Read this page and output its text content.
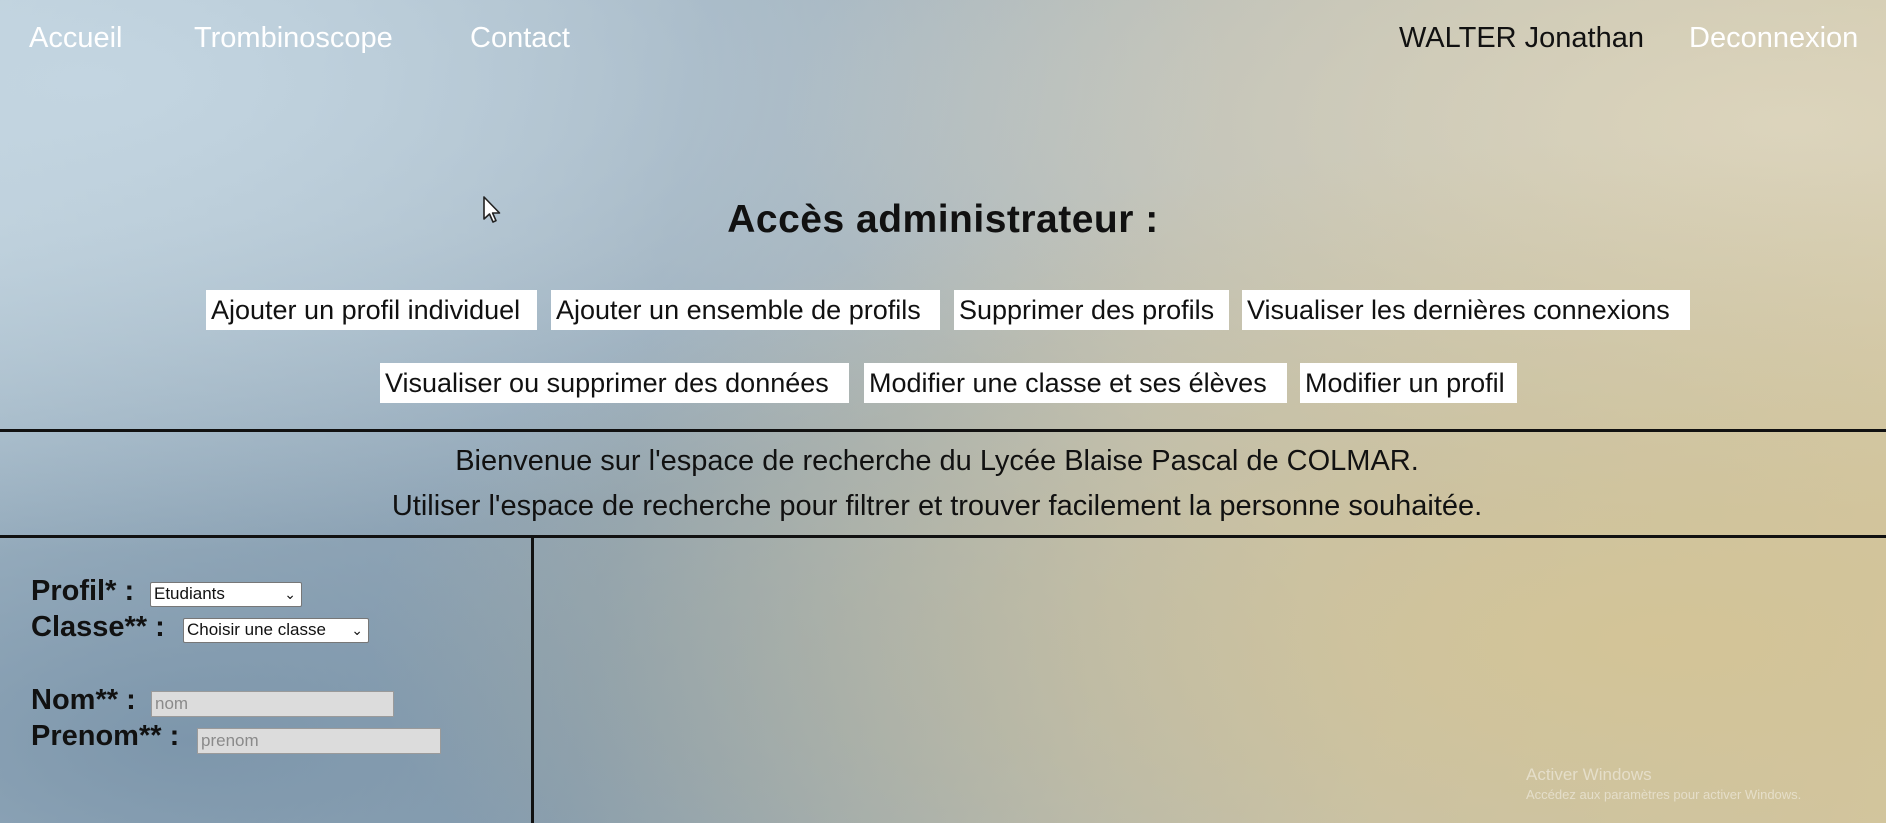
Accueil Trombinoscope	Contact	WALTER Jonathan Deconnexion
Accès administrateur :
Ajouter un profil individuel	Ajouter un ensemble de profils	Supprimer des profils	Visualiser les dernières connexions
Visualiser ou supprimer des données	Modifier une classe et ses élèves	Modifier un profil

Bienvenue sur l'espace de recherche du Lycée Blaise Pascal de COLMAR.

Utiliser l'espace de recherche pour filtrer et trouver facilement la personne souhaitée.

Profil* : Etudiants	⌄
Classe** : Choisir une classe ⌄
Nom** :
nom
Prenom** :
prenom
Activer Windows
Accédez aux paramètres pour activer Windows.
